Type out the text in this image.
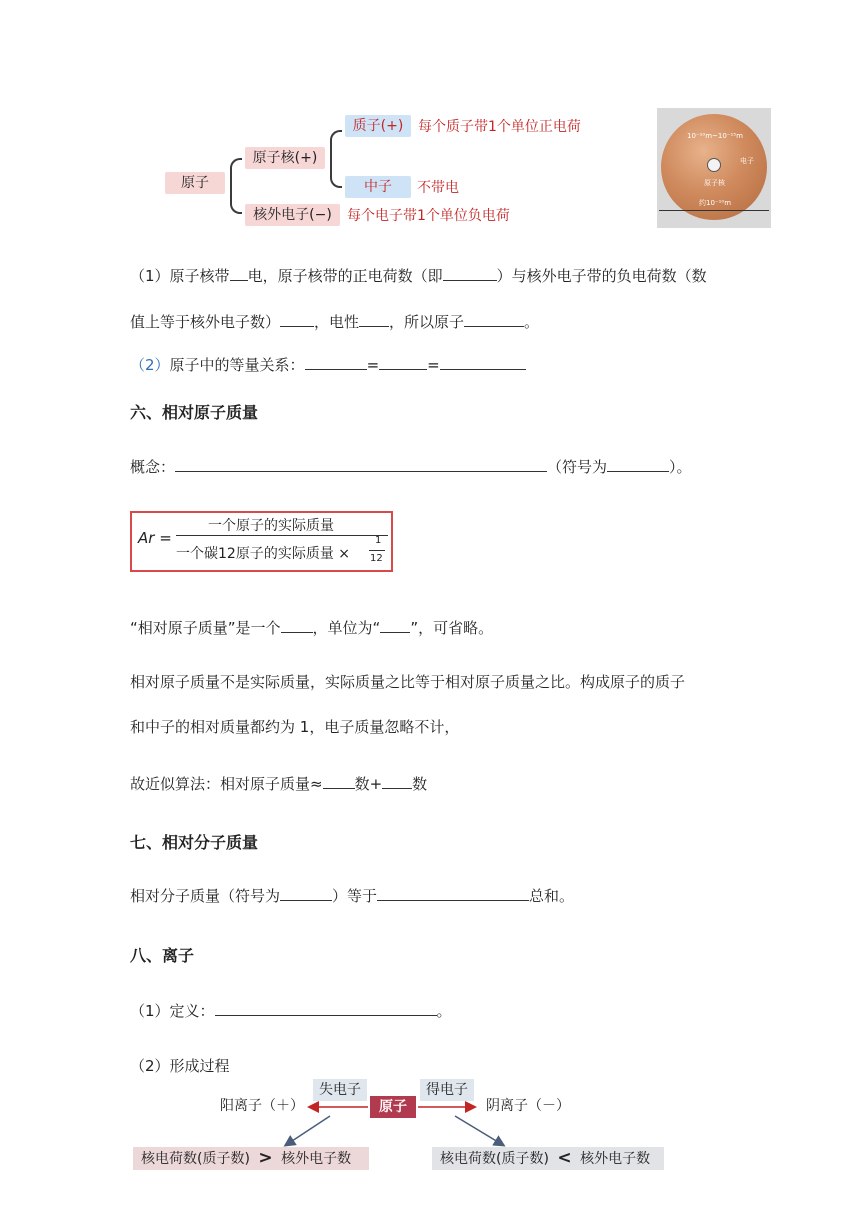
原子
原子核(+)
质子(+)	每个质子带1个单位正电荷
中子	不带电
核外电子(−)	每个电子带1个单位负电荷
10⁻¹⁰m~10⁻¹⁵m
原子核
电子
约10⁻¹⁰m
（1）原子核带 电，原子核带的正电荷数（即	）与核外电子带的负电荷数（数
值上等于核外电子数） ，电性 ，所以原子	。
（2）原子中的等量关系：	=	=
六、相对原子质量
概念：	（符号为	）。
Ar =
一个原子的实际质量
一个碳12原子的实际质量 ×
1
12
“相对原子质量”是一个 ，单位为“ ”，可省略。
相对原子质量不是实际质量，实际质量之比等于相对原子质量之比。构成原子的质子
和中子的相对质量都约为 1，电子质量忽略不计，
故近似算法：相对原子质量≈ 数+ 数
七、相对分子质量
相对分子质量（符号为	）等于	总和。
八、离子
（1）定义：	。
（2）形成过程
失电子	得电子
原子
阳离子（＋）	阴离子（－）
核电荷数(质子数) > 核外电子数	核电荷数(质子数) < 核外电子数
